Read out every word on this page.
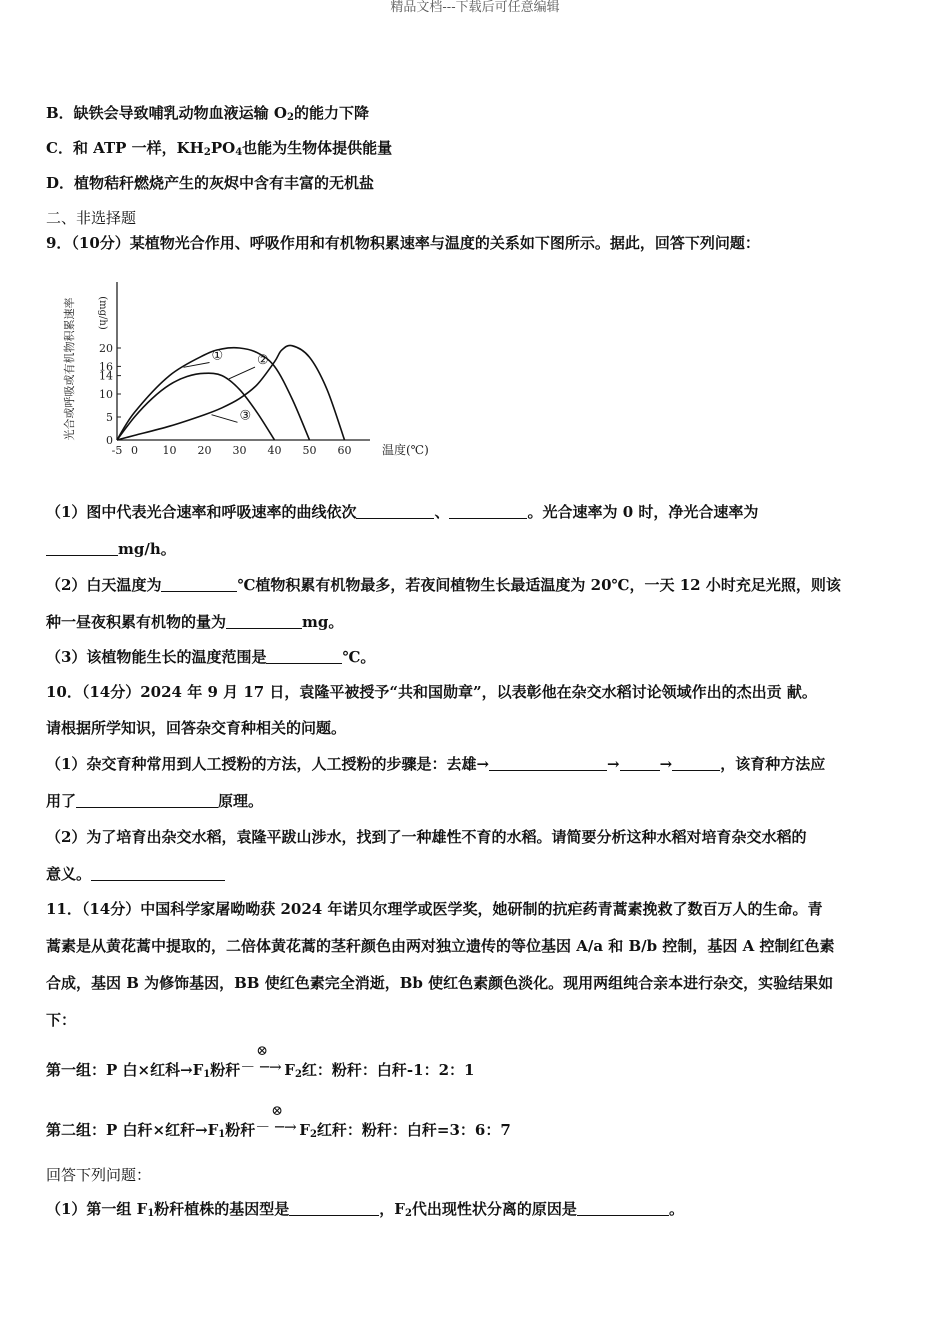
精品文档---下载后可任意编辑
B．缺铁会导致哺乳动物血液运输 $O_2$的能力下降
C．和 ATP 一样，$KH_2PO_4$也能为生物体提供能量
D．植物秸秆燃烧产生的灰烬中含有丰富的无机盐
二、非选择题
9．（10分）某植物光合作用、呼吸作用和有机物积累速率与温度的关系如下图所示。据此，回答下列问题：
-5 0 10 20 30 40 50 60
0
5
10
14
16
20
温度(℃)
光合或呼吸或有机物积累速率 (mg/h)
①	②
③
（1）图中代表光合速率和呼吸速率的曲线依次	、	。光合速率为 0 时，净光合速率为
mg/h。
（2）白天温度为	℃植物积累有机物最多，若夜间植物生长最适温度为 20℃，一天 12 小时充足光照，则该
种一昼夜积累有机物的量为	mg。
（3）该植物能生长的温度范围是	℃。
10．（14分）2024 年 9 月 17 日，袁隆平被授予“共和国勋章”，以表彰他在杂交水稻讨论领域作出的杰出贡 献。
请根据所学知识，回答杂交育种相关的问题。
（1）杂交育种常用到人工授粉的方法，人工授粉的步骤是：去雄→	→	→	，该育种方法应
用了	原理。
（2）为了培育出杂交水稻，袁隆平跋山涉水，找到了一种雄性不育的水稻。请简要分析这种水稻对培育杂交水稻的
意义。
11．（14分）中国科学家屠呦呦获 2024 年诺贝尔理学或医学奖，她研制的抗疟药青蒿素挽救了数百万人的生命。青
蒿素是从黄花蒿中提取的，二倍体黄花蒿的茎秆颜色由两对独立遗传的等位基因 A/a 和 B/b 控制，基因 A 控制红色素
合成，基因 B 为修饰基因，BB 使红色素完全消逝，Bb 使红色素颜色淡化。现用两组纯合亲本进行杂交，实验结果如
下：
第一组：P 白×红科$\to F_1$粉秆
⊗
－ ─→ $F_2$红：粉秆：白秆-1：2：1
第二组：P 白秆×红秆$\to F_1$粉秆
⊗
－ ─→ $F_2$红秆：粉秆：白秆=3：6：7
回答下列问题：
（1）第一组 $F_1$粉秆植株的基因型是	，$F_2$代出现性状分离的原因是	。
